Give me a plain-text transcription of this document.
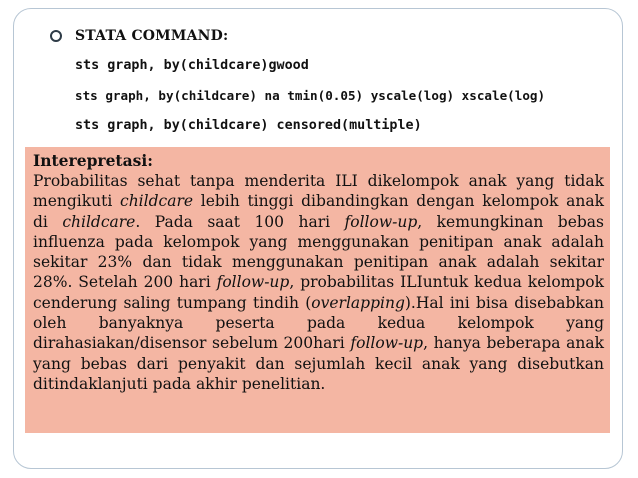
STATA COMMAND:
sts graph, by(childcare)gwood
sts graph, by(childcare) na tmin(0.05) yscale(log) xscale(log)
sts graph, by(childcare) censored(multiple)
Interepretasi:
Probabilitas sehat tanpa menderita ILI dikelompok anak yang tidak mengikuti childcare lebih tinggi dibandingkan dengan kelompok anak di childcare. Pada saat 100 hari follow-up, kemungkinan bebas influenza pada kelompok yang menggunakan penitipan anak adalah sekitar 23% dan tidak menggunakan penitipan anak adalah sekitar 28%. Setelah 200 hari follow-up, probabilitas ILIuntuk kedua kelompok cenderung saling tumpang tindih (overlapping).Hal ini bisa disebabkan oleh banyaknya peserta pada kedua kelompok yang dirahasiakan/disensor sebelum 200hari follow-up, hanya beberapa anak yang bebas dari penyakit dan sejumlah kecil anak yang disebutkan ditindaklanjuti pada akhir penelitian.
